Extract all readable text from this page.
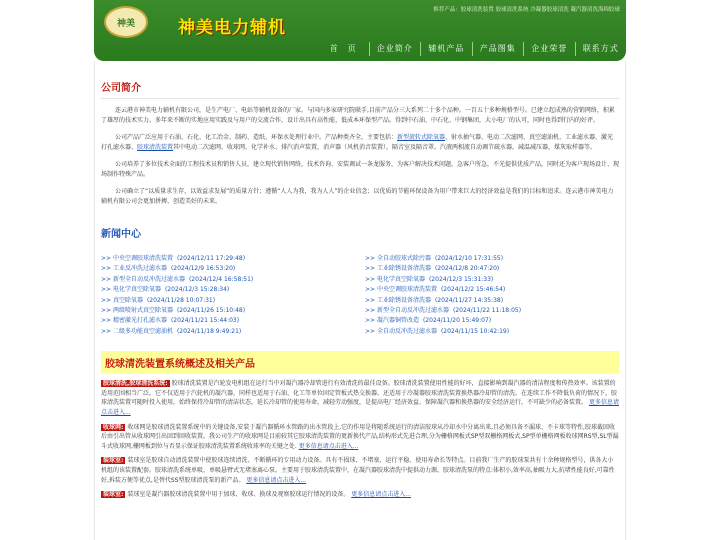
神美	神美电力辅机
推荐产品：胶球清洗装置 胶球清洗系统 冷凝器胶球清洗 凝汽器清洗海绵胶球
首　页	企业简介	辅机产品	产品图集	企业荣誉	联系方式
公司简介

连云港市神美电力辅机有限公司，是生产电厂、电站等辅机设备的厂家。与国内多家研究院联手,目前产品分三大系列二十多个品种。一百五十多种规格型号。已建立起成熟的营销网络，积累了雄厚的技术实力。多年来不断的实地应用实践及与用户的交流合作，设计出具有高性能、低成本环保型产品。得到中石油、中石化、中钢集团，大小电厂的认可，同时也得到行内的好评。

公司产品广泛应用于石油、石化、化工冶金、制药、造纸、环保水处理行业中。产品种类齐全，主要包括：新型旋转式除氧器、射水抽气器、电动二次滤网、真空滤油机、工业滤水器、激光打孔滤水器、胶球清洗装置其中电动二次滤网、收球网、化学补水、排汽消声装置，消声器（风机消音装置），隔音室及隔音罩。汽液两相流自动调节疏水器，减温减压器，煤灰取样器等。

公司培养了多位技术全面的工程技术员和销售人员，建立现代销售网络，技术咨询、安装调试一条龙服务，为客户解决技术问题，急客户所急，不光提供优质产品，同时还为客户现场设计、现场制作特殊产品。

公司确立了“以质量求生存，以效益求发展”的质量方针；遵循“人人为我，我为人人”的企业信念；以优质的节能环保设备为用户带来巨大的经济效益是我们的目标和追求。连云港市神美电力辅机有限公司会更加拼搏、创造美好的未来。

新闻中心
>> 中央空调胶球清洗装置 (2024/12/11 17:29:48)
>> 工业反冲洗过滤水器 (2024/12/9 16:53:20)
>> 新型全自动反冲洗过滤水器 (2024/12/4 16:58:51)
>> 电化学真空除氧器 (2024/12/3 15:28:34)
>> 真空除氧器 (2024/11/28 10:07:31)
>> 两级喷射式真空除氧器 (2024/11/26 15:10:48)
>> 精密激光打孔滤水器 (2024/11/21 15:44:03)
>> 二级多功能真空滤油机 (2024/11/18 9:49:21)
>> 全自动胶球式除污器 (2024/12/10 17:31:55)
>> 工业除锈设备清洗器 (2024/12/8 20:47:20)
>> 电化学真空除氧器 (2024/12/3 15:31:33)
>> 中央空调胶球清洗装置 (2024/12/2 15:46:54)
>> 工业除锈设备清洗器 (2024/11/27 14:35:38)
>> 新型全自动反冲洗过滤水器 (2024/11/22 11:18:05)
>> 凝汽器铜管改造 (2024/11/20 15:49:07)
>> 全自动反冲洗过滤水器 (2024/11/15 10:42:19)
胶球清洗装置系统概述及相关产品
胶球清洗,胶球清洗系统: 胶球清洗装置是汽轮发电机组在运行当中对凝汽器冷却管进行有效清洗的最佳设备。胶球清洗装置使用性能的好坏，直接影响到凝汽器的清洁程度和传热效率。该装置的适用范围相当广泛，它不仅适用于汽轮机的凝汽器，同样也适用于石油、化工等单位固定管板式热交换器。还适用于冷凝器胶球清洗装置换热器冷却管的清洗。在连续工作不降低负荷的情况下，胶球清洗装置可随时投入使用，始终保持冷却管的清洁状态，延长冷却管的使用寿命，减轻劳动强度，是提高电厂经济效益、保障凝汽器和换热器的安全经济运行，不可缺少的必备装置。 更多信息请点击进入...
收球网: 收球网是胶球清洗装置系统中的关键设备,安装于凝汽器循环水管路的出水管段上,它的作用是将随系统运行的清洁胶球从冷却水中分离出来,且必须具备不漏球、不卡球等特性,胶球截回收后由引出管从收球网引出回到回收装置。我公司生产的收球网是目前较其它胶球清洗装置的更新换代产品,结构形式先进合理,分为栅格网板式SP型双栅格网板式,SP型单栅格网板收球网RS型,SL型漏斗式收球网,栅网板到位与否显示保证胶球清洗装置系统收球率的关键之处. 更多信息请点击进入...
装球室: 装球室是胶球自动清洗装置中使胶球连续清洗、不断循环的专用动力设备。具有不损球、不堵塞、运行平稳、使用寿命长等特点。目前我厂生产的胶球泵共有十余种规格型号，供各大小机组的该装置配套。胶球清洗系统单吸、单吸悬臂式无堵塞离心泵。主要用于胶球清洗装置中，在凝汽器胶球清洗中提供动力源。胶球清洗泵的特点:体积小,效率高,抽吸力大,抗堵性能良好,可靠性好,拆装方便等优点,是替代SS型胶球清洗泵的新产品。 更多信息请点击进入...
装球室: 装球室是凝汽器胶球清洗装置中用于加球、收球、换球及观察胶球运行情况的设备。 更多信息请点击进入...
